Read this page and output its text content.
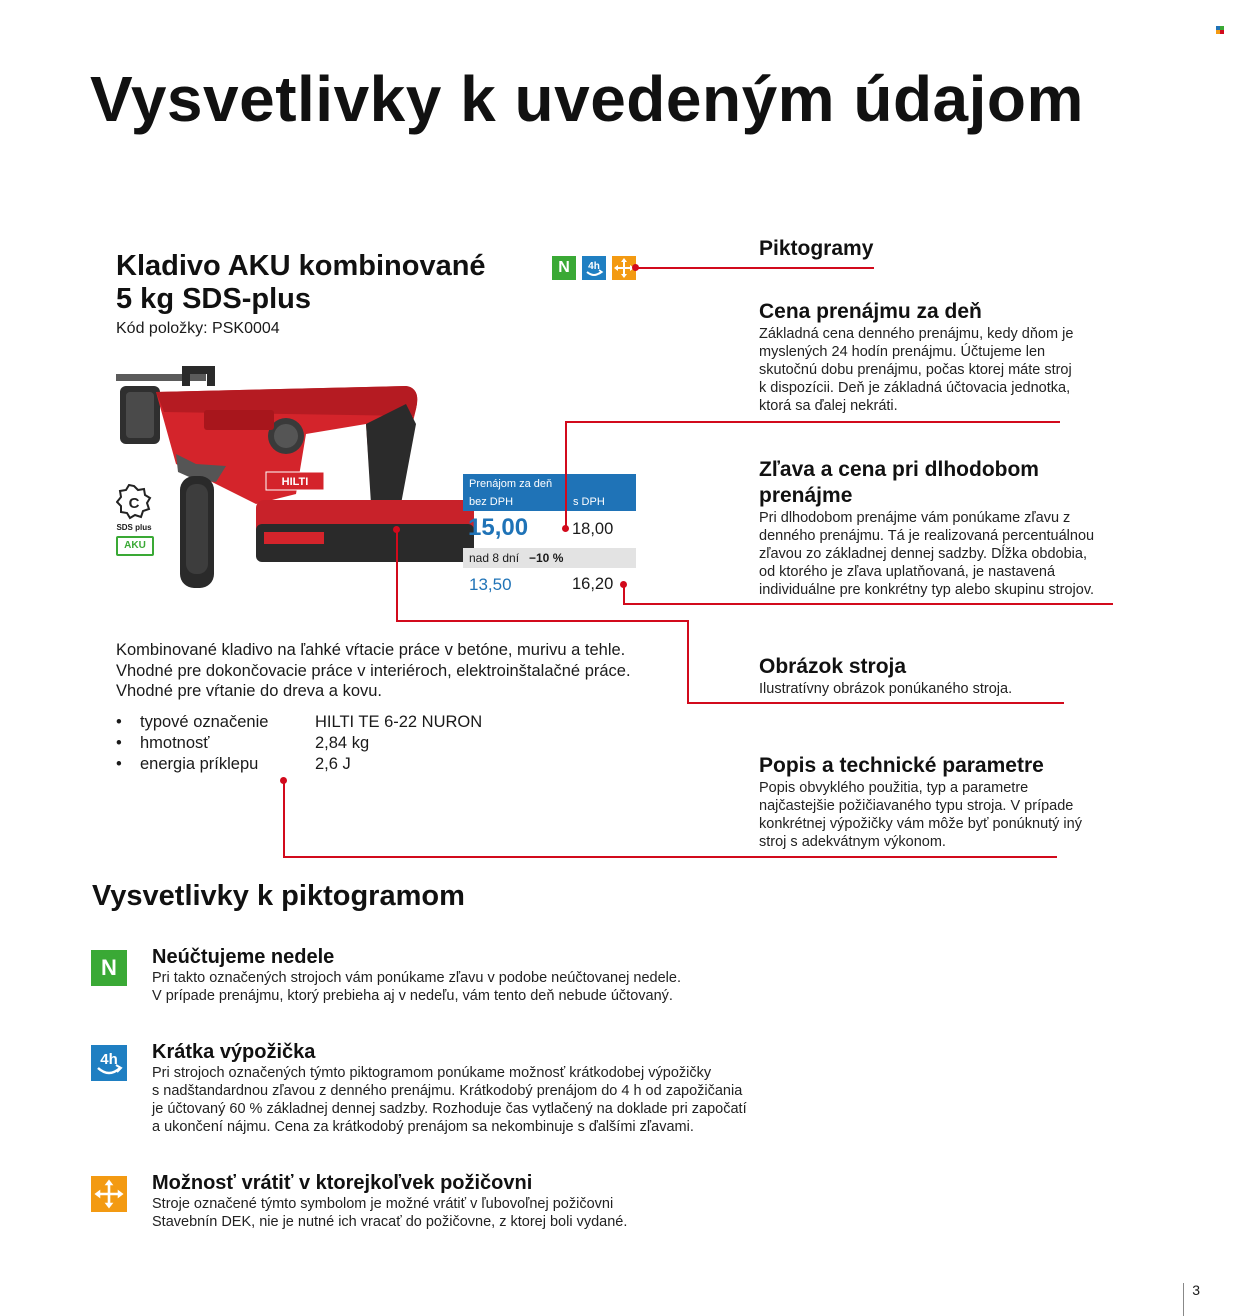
Vysvetlivky k uvedeným údajom
Kladivo AKU kombinované
5 kg SDS-plus
Kód položky: PSK0004
N	4h
C
SDS plus
AKU
HILTI
TE 6-22	Prenájom za deň
bez DPH	s DPH
15,00	18,00
nad 8 dní −10 %
13,50	16,20
Kombinované kladivo na ľahké vŕtacie práce v betóne, murivu a tehle.
Vhodné pre dokončovacie práce v interiéroch, elektroinštalačné práce.
Vhodné pre vŕtanie do dreva a kovu.
•	typové označenie	HILTI TE 6-22 NURON
•	hmotnosť	2,84 kg
•	energia príklepu	2,6 J
Piktogramy
Cena prenájmu za deň
Základná cena denného prenájmu, kedy dňom je myslených 24 hodín prenájmu. Účtujeme len skutočnú dobu prenájmu, počas ktorej máte stroj k dispozícii. Deň je základná účtovacia jednotka, ktorá sa ďalej nekráti.
Zľava a cena pri dlhodobom prenájme
Pri dlhodobom prenájme vám ponúkame zľavu z denného prenájmu. Tá je realizovaná percentuálnou zľavou zo základnej dennej sadzby. Dĺžka obdobia, od ktorého je zľava uplatňovaná, je nastavená individuálne pre konkrétny typ alebo skupinu strojov.
Obrázok stroja
Ilustratívny obrázok ponúkaného stroja.
Popis a technické parametre
Popis obvyklého použitia, typ a parametre najčastejšie požičiavaného typu stroja. V prípade konkrétnej výpožičky vám môže byť ponúknutý iný stroj s adekvátnym výkonom.
Vysvetlivky k piktogramom
N	Neúčtujeme nedele
Pri takto označených strojoch vám ponúkame zľavu v podobe neúčtovanej nedele.
V prípade prenájmu, ktorý prebieha aj v nedeľu, vám tento deň nebude účtovaný.
4h Krátka výpožička
Pri strojoch označených týmto piktogramom ponúkame možnosť krátkodobej výpožičky
s nadštandardnou zľavou z denného prenájmu. Krátkodobý prenájom do 4 h od zapožičania
je účtovaný 60 % základnej dennej sadzby. Rozhoduje čas vytlačený na doklade pri započatí
a ukončení nájmu. Cena za krátkodobý prenájom sa nekombinuje s ďalšími zľavami.
Možnosť vrátiť v ktorejkoľvek požičovni
Stroje označené týmto symbolom je možné vrátiť v ľubovoľnej požičovni
Stavebnín DEK, nie je nutné ich vracať do požičovne, z ktorej boli vydané.
3
